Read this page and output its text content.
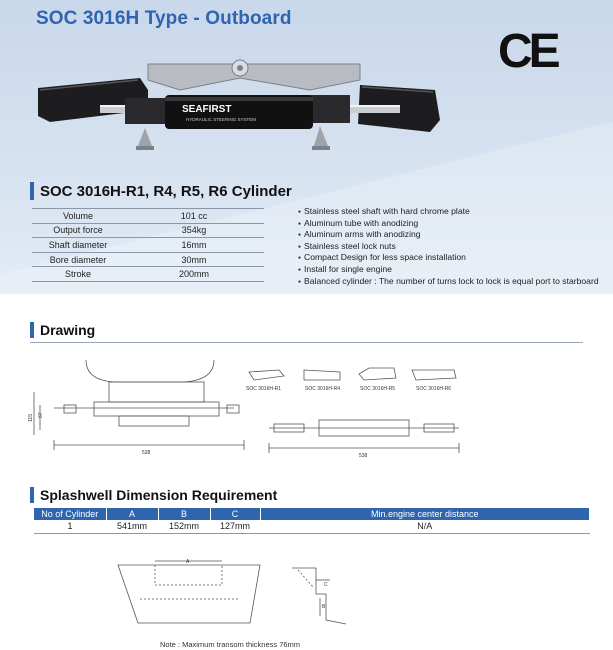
SOC 3016H Type - Outboard
CE
SEAFIRST
HYDRAULIC STEERING SYSTEM
SOC 3016H-R1, R4, R5, R6 Cylinder
Volume	101 cc
Output force	354kg
Shaft diameter	16mm
Bore diameter	30mm
Stroke	200mm
● Stainless steel shaft with hard chrome plate
● Aluminum tube with anodizing
● Aluminum arms with anodizing
● Stainless steel lock nuts
● Compact Design for less space installation
● Install for single engine
● Balanced cylinder : The number of turns lock to lock is equal port to starboard
Drawing
538	538
67
115
SOC 3016H-R1	SOC 3016H-R4	SOC 3016H-R5	SOC 3016H-R6
Splashwell Dimension Requirement
No of Cylinder	A	B	C	Min.engine center distance
1	541mm	152mm	127mm	N/A
A
C
B
Note : Maximum transom thickness 76mm
